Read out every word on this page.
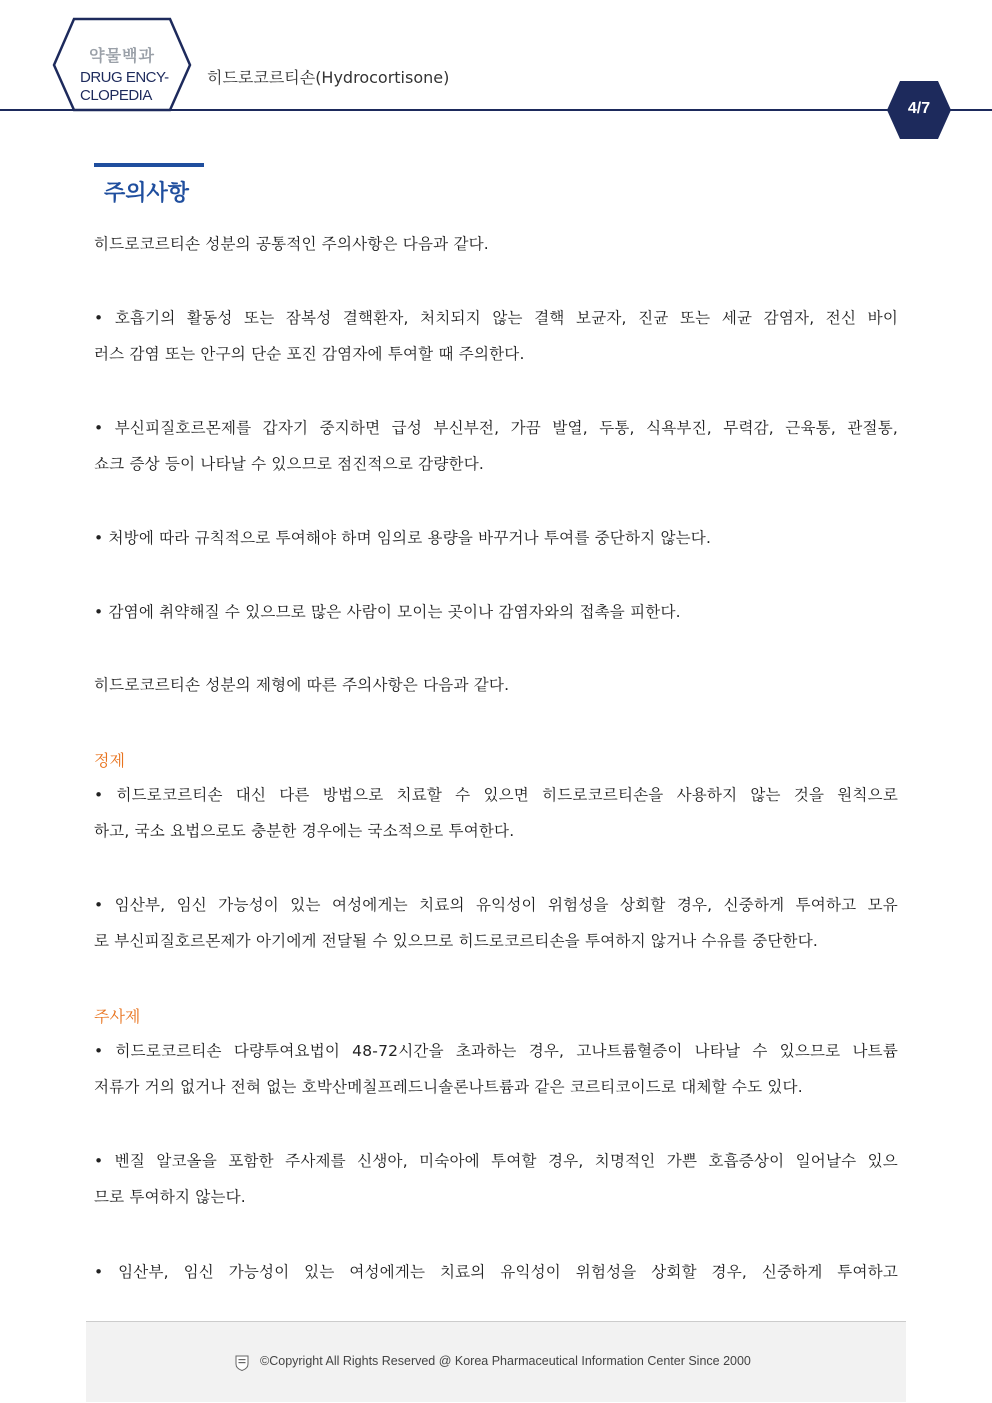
약물백과
DRUG ENCY-
CLOPEDIA
히드로코르티손(Hydrocortisone)
4/7
주의사항
히드로코르티손 성분의 공통적인 주의사항은 다음과 같다.
• 호흡기의 활동성 또는 잠복성 결핵환자, 처치되지 않는 결핵 보균자, 진균 또는 세균 감염자, 전신 바이
러스 감염 또는 안구의 단순 포진 감염자에 투여할 때 주의한다.
• 부신피질호르몬제를 갑자기 중지하면 급성 부신부전, 가끔 발열, 두통, 식욕부진, 무력감, 근육통, 관절통,
쇼크 증상 등이 나타날 수 있으므로 점진적으로 감량한다.
• 처방에 따라 규칙적으로 투여해야 하며 임의로 용량을 바꾸거나 투여를 중단하지 않는다.
• 감염에 취약해질 수 있으므로 많은 사람이 모이는 곳이나 감염자와의 접촉을 피한다.
히드로코르티손 성분의 제형에 따른 주의사항은 다음과 같다.
정제
• 히드로코르티손 대신 다른 방법으로 치료할 수 있으면 히드로코르티손을 사용하지 않는 것을 원칙으로
하고, 국소 요법으로도 충분한 경우에는 국소적으로 투여한다.
• 임산부, 임신 가능성이 있는 여성에게는 치료의 유익성이 위험성을 상회할 경우, 신중하게 투여하고 모유
로 부신피질호르몬제가 아기에게 전달될 수 있으므로 히드로코르티손을 투여하지 않거나 수유를 중단한다.
주사제
• 히드로코르티손 다량투여요법이 48-72시간을 초과하는 경우, 고나트륨혈증이 나타날 수 있으므로 나트륨
저류가 거의 없거나 전혀 없는 호박산메칠프레드니솔론나트륨과 같은 코르티코이드로 대체할 수도 있다.
• 벤질 알코올을 포함한 주사제를 신생아, 미숙아에 투여할 경우, 치명적인 가쁜 호흡증상이 일어날수 있으
므로 투여하지 않는다.
• 임산부, 임신 가능성이 있는 여성에게는 치료의 유익성이 위험성을 상회할 경우, 신중하게 투여하고
©Copyright All Rights Reserved @ Korea Pharmaceutical Information Center Since 2000
